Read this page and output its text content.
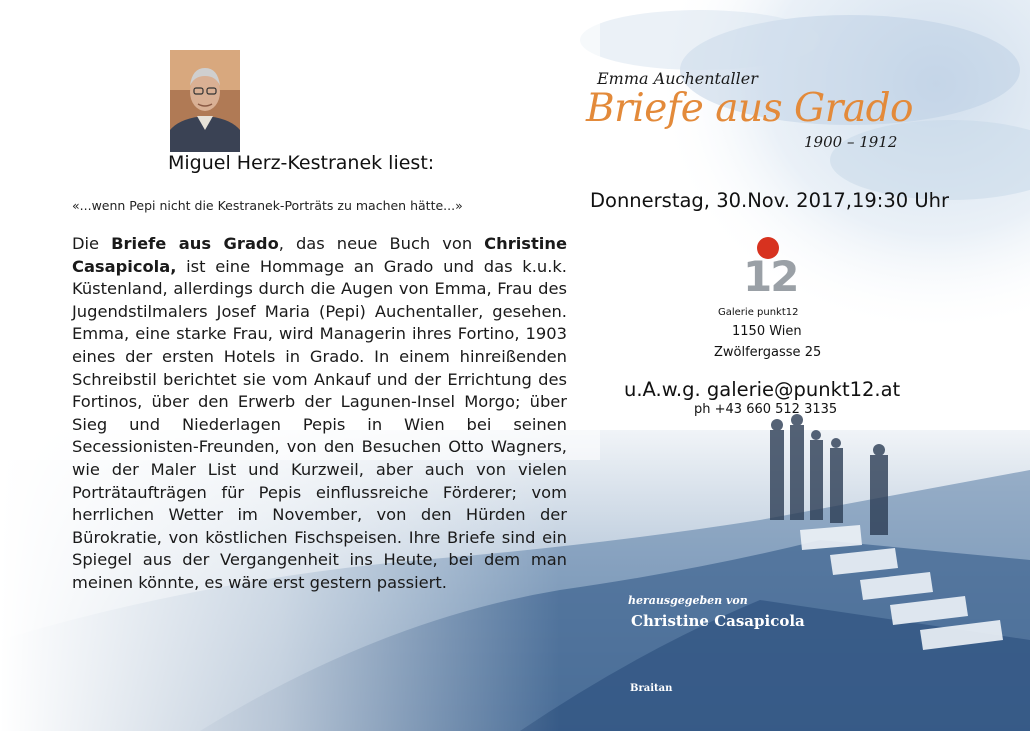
Miguel Herz-Kestranek liest:
«...wenn Pepi nicht die Kestranek-Porträts zu machen hätte...»
Die Briefe aus Grado, das neue Buch von Christine Casapicola, ist eine Hommage an Grado und das k.u.k. Küstenland, allerdings durch die Augen von Emma, Frau des Jugendstilmalers Josef Maria (Pepi) Auchentaller, gesehen. Emma, eine starke Frau, wird Managerin ihres Fortino, 1903 eines der ersten Hotels in Grado. In einem hinreißenden Schreibstil berichtet sie vom Ankauf und der Errichtung des Fortinos, über den Erwerb der Lagunen-Insel Morgo; über Sieg und Niederlagen Pepis in Wien bei seinen Secessionisten-Freunden, von den Besuchen Otto Wagners, wie der Maler List und Kurzweil, aber auch von vielen Porträtaufträgen für Pepis einflussreiche Förderer; vom herrlichen Wetter im November, von den Hürden der Bürokratie, von köstlichen Fischspeisen. Ihre Briefe sind ein Spiegel aus der Vergangenheit ins Heute, bei dem man meinen könnte, es wäre erst gestern passiert.
Emma Auchentaller
Briefe aus Grado
1900 – 1912
Donnerstag, 30.Nov. 2017,19:30 Uhr
12
Galerie punkt12
1150 Wien
Zwölfergasse 25
u.A.w.g. galerie@punkt12.at
ph +43 660 512 3135
herausgegeben von
Christine Casapicola
Braitan
